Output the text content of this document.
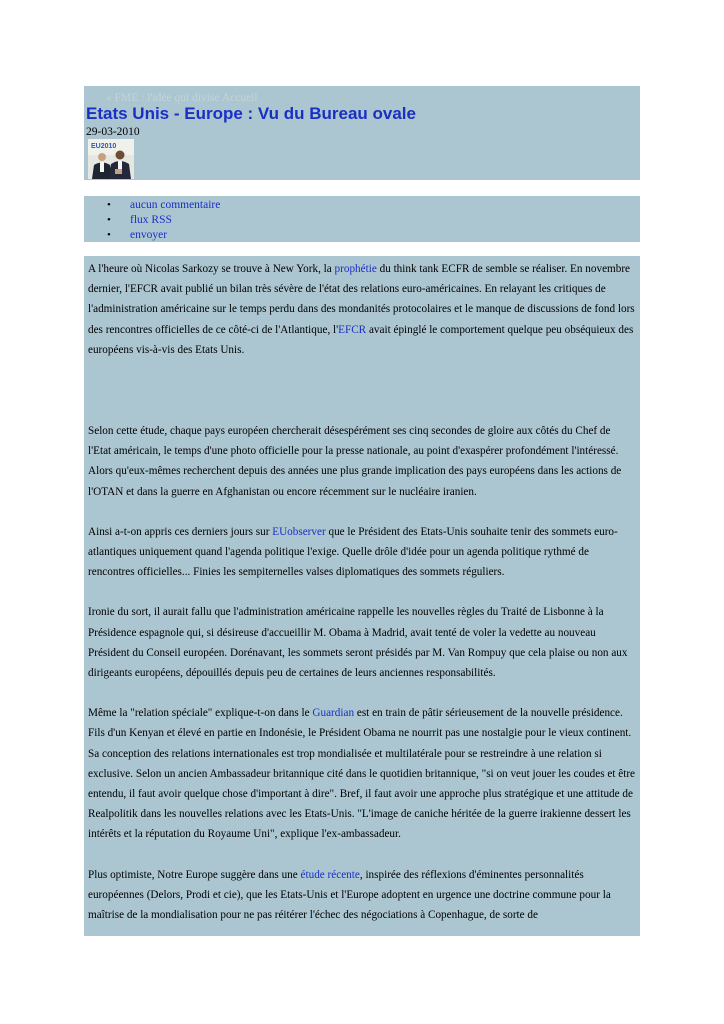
« FME : l'idée qui divise Accueil
Etats Unis - Europe : Vu du Bureau ovale
29-03-2010
EU2010
• aucun commentaire
• flux RSS
• envoyer

A l'heure où Nicolas Sarkozy se trouve à New York, la prophétie du think tank ECFR de semble se réaliser. En novembre dernier, l'EFCR avait publié un bilan très sévère de l'état des relations euro-américaines. En relayant les critiques de l'administration américaine sur le temps perdu dans des mondanités protocolaires et le manque de discussions de fond lors des rencontres officielles de ce côté-ci de l'Atlantique, l'EFCR avait épinglé le comportement quelque peu obséquieux des européens vis-à-vis des Etats Unis.

Selon cette étude, chaque pays européen chercherait désespérément ses cinq secondes de gloire aux côtés du Chef de l'Etat américain, le temps d'une photo officielle pour la presse nationale, au point d'exaspérer profondément l'intéressé. Alors qu'eux-mêmes recherchent depuis des années une plus grande implication des pays européens dans les actions de l'OTAN et dans la guerre en Afghanistan ou encore récemment sur le nucléaire iranien.

Ainsi a-t-on appris ces derniers jours sur EUobserver que le Président des Etats-Unis souhaite tenir des sommets euro-atlantiques uniquement quand l'agenda politique l'exige. Quelle drôle d'idée pour un agenda politique rythmé de rencontres officielles... Finies les sempiternelles valses diplomatiques des sommets réguliers.

Ironie du sort, il aurait fallu que l'administration américaine rappelle les nouvelles règles du Traité de Lisbonne à la Présidence espagnole qui, si désireuse d'accueillir M. Obama à Madrid, avait tenté de voler la vedette au nouveau Président du Conseil européen. Dorénavant, les sommets seront présidés par M. Van Rompuy que cela plaise ou non aux dirigeants européens, dépouillés depuis peu de certaines de leurs anciennes responsabilités.

Même la "relation spéciale" explique-t-on dans le Guardian est en train de pâtir sérieusement de la nouvelle présidence. Fils d'un Kenyan et élevé en partie en Indonésie, le Président Obama ne nourrit pas une nostalgie pour le vieux continent. Sa conception des relations internationales est trop mondialisée et multilatérale pour se restreindre à une relation si exclusive. Selon un ancien Ambassadeur britannique cité dans le quotidien britannique, "si on veut jouer les coudes et être entendu, il faut avoir quelque chose d'important à dire". Bref, il faut avoir une approche plus stratégique et une attitude de Realpolitik dans les nouvelles relations avec les Etats-Unis. "L'image de caniche héritée de la guerre irakienne dessert les intérêts et la réputation du Royaume Uni", explique l'ex-ambassadeur.

Plus optimiste, Notre Europe suggère dans une étude récente, inspirée des réflexions d'éminentes personnalités européennes (Delors, Prodi et cie), que les Etats-Unis et l'Europe adoptent en urgence une doctrine commune pour la maîtrise de la mondialisation pour ne pas réitérer l'échec des négociations à Copenhague, de sorte de
